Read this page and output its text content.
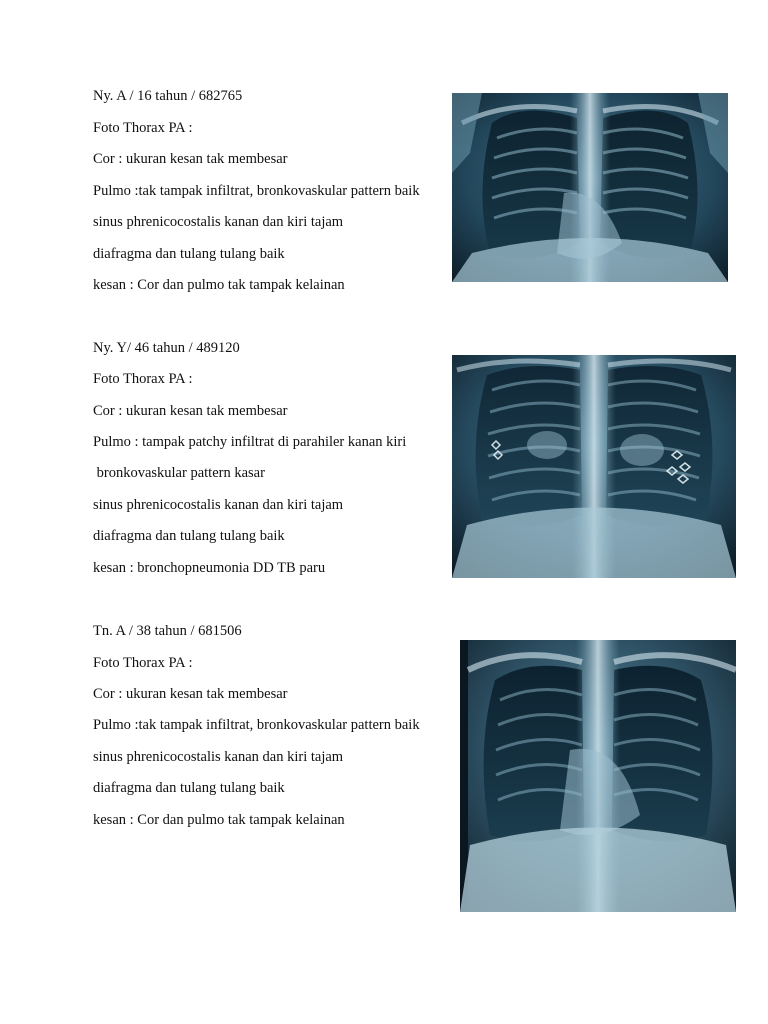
Ny. A / 16 tahun / 682765
Foto Thorax PA :
Cor : ukuran kesan tak membesar
Pulmo :tak tampak infiltrat, bronkovaskular pattern baik
sinus phrenicocostalis kanan dan kiri tajam
diafragma dan tulang tulang baik
kesan : Cor dan pulmo tak tampak kelainan
Ny. Y/ 46 tahun / 489120
Foto Thorax PA :
Cor : ukuran kesan tak membesar
Pulmo : tampak patchy infiltrat di parahiler kanan kiri
bronkovaskular pattern kasar
sinus phrenicocostalis kanan dan kiri tajam
diafragma dan tulang tulang baik
kesan : bronchopneumonia DD TB paru
Tn. A / 38 tahun / 681506
Foto Thorax PA :
Cor : ukuran kesan tak membesar
Pulmo :tak tampak infiltrat, bronkovaskular pattern baik
sinus phrenicocostalis kanan dan kiri tajam
diafragma dan tulang tulang baik
kesan : Cor dan pulmo tak tampak kelainan
